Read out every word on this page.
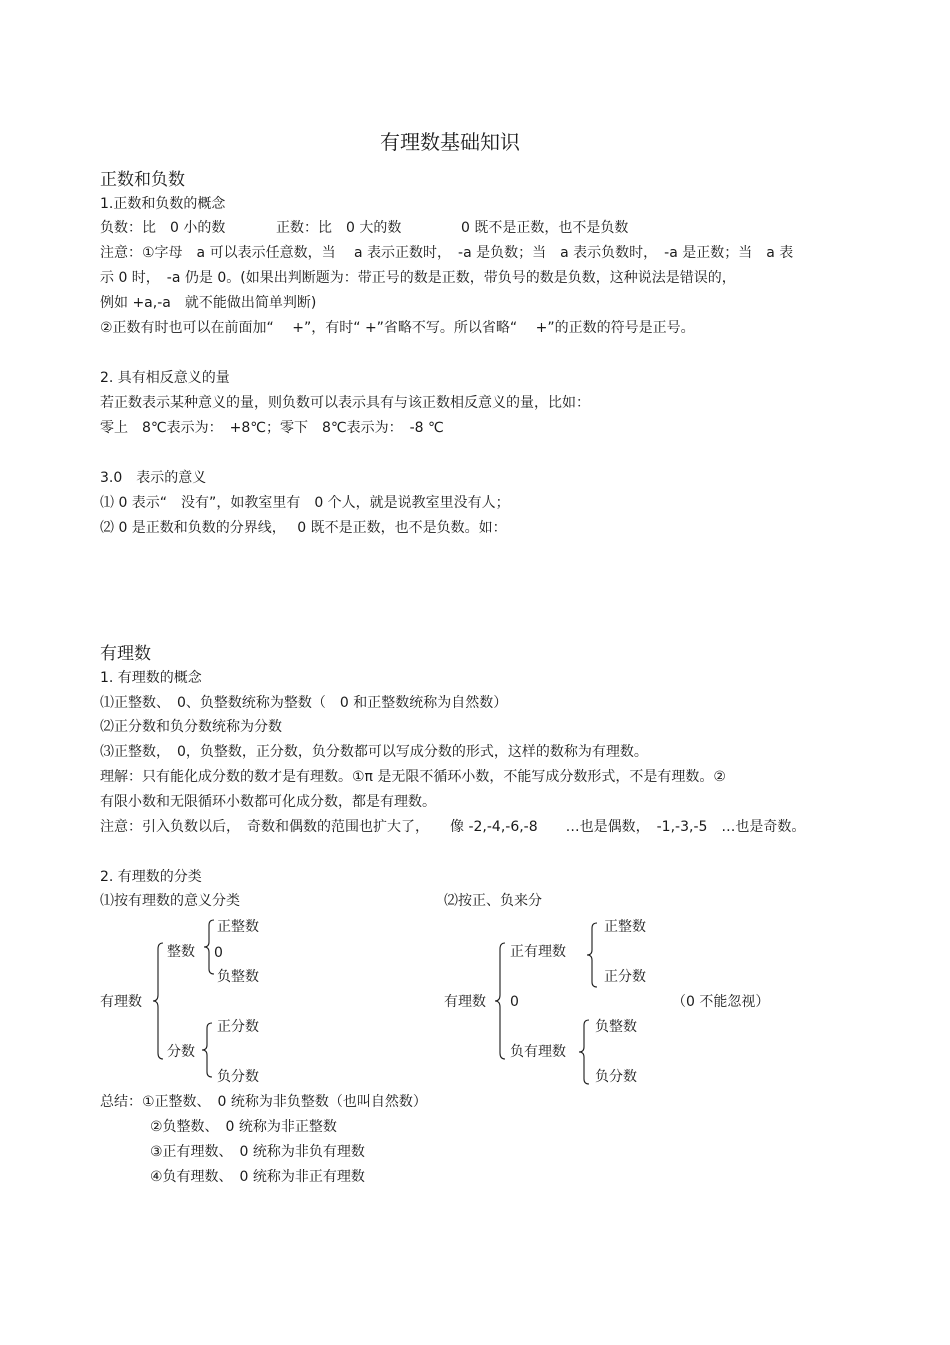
有理数基础知识
正数和负数
1.正数和负数的概念
负数：比　0 小的数	正数：比　0 大的数	0 既不是正数，也不是负数
注意：①字母　a 可以表示任意数，当　 a 表示正数时，　-a 是负数；当　a 表示负数时，　-a 是正数；当　a 表
示 0 时，　-a 仍是 0。(如果出判断题为：带正号的数是正数，带负号的数是负数，这种说法是错误的，
例如 +a,-a　就不能做出简单判断)
②正数有时也可以在前面加“　 +”，有时“ +”省略不写。所以省略“　 +”的正数的符号是正号。
2. 具有相反意义的量
若正数表示某种意义的量，则负数可以表示具有与该正数相反意义的量，比如：
零上　8℃表示为：　+8℃；零下　8℃表示为：　-8 ℃
3.0　表示的意义
⑴ 0 表示“　没有”，如教室里有　0 个人，就是说教室里没有人；
⑵ 0 是正数和负数的分界线，　 0 既不是正数，也不是负数。如：
有理数
1. 有理数的概念
⑴正整数、　0、负整数统称为整数（　0 和正整数统称为自然数）
⑵正分数和负分数统称为分数
⑶正整数，　0，负整数，正分数，负分数都可以写成分数的形式，这样的数称为有理数。
理解：只有能化成分数的数才是有理数。①π 是无限不循环小数，不能写成分数形式，不是有理数。②
有限小数和无限循环小数都可化成分数，都是有理数。
注意：引入负数以后，　奇数和偶数的范围也扩大了，　　像 -2,-4,-6,-8　　…也是偶数，　-1,-3,-5　…也是奇数。
2. 有理数的分类
⑴按有理数的意义分类
有理数
整数
正整数
0
负整数
分数
正分数
负分数
⑵按正、负来分
有理数
正有理数
正整数
正分数
0	（0 不能忽视）
负有理数
负整数
负分数
总结：①正整数、　0 统称为非负整数（也叫自然数）
②负整数、　0 统称为非正整数
③正有理数、　0 统称为非负有理数
④负有理数、　0 统称为非正有理数
